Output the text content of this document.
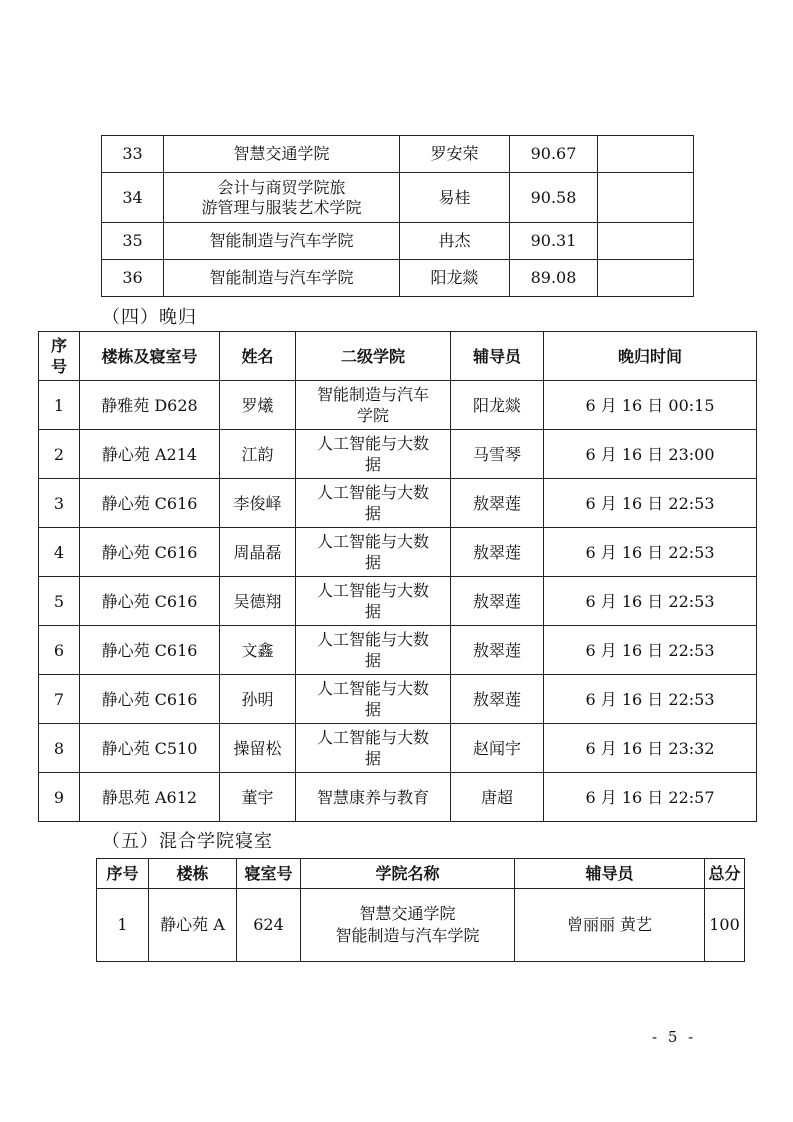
33	智慧交通学院	罗安荣	90.67	

34	会计与商贸学院旅
游管理与服装艺术学院	易桂	90.58	

35	智能制造与汽车学院	冉杰	90.31	

36	智能制造与汽车学院	阳龙燚	89.08	

（四）晚归
序
号	楼栋及寝室号	姓名	二级学院	辅导员	晚归时间

1	静雅苑 D628	罗爔	智能制造与汽车
学院	阳龙燚	6 月 16 日 00:15

2	静心苑 A214	江韵	人工智能与大数
据	马雪琴	6 月 16 日 23:00

3	静心苑 C616	李俊峄	人工智能与大数
据	敖翠莲	6 月 16 日 22:53

4	静心苑 C616	周晶磊	人工智能与大数
据	敖翠莲	6 月 16 日 22:53

5	静心苑 C616	吴德翔	人工智能与大数
据	敖翠莲	6 月 16 日 22:53

6	静心苑 C616	文鑫	人工智能与大数
据	敖翠莲	6 月 16 日 22:53

7	静心苑 C616	孙明	人工智能与大数
据	敖翠莲	6 月 16 日 22:53

8	静心苑 C510	操留松	人工智能与大数
据	赵闻宇	6 月 16 日 23:32

9	静思苑 A612	董宇	智慧康养与教育	唐超	6 月 16 日 22:57
（五）混合学院寝室
序号	楼栋	寝室号	学院名称	辅导员	总分

1	静心苑 A	624	智慧交通学院
智能制造与汽车学院	曾丽丽 黄艺	100
- 5 -
